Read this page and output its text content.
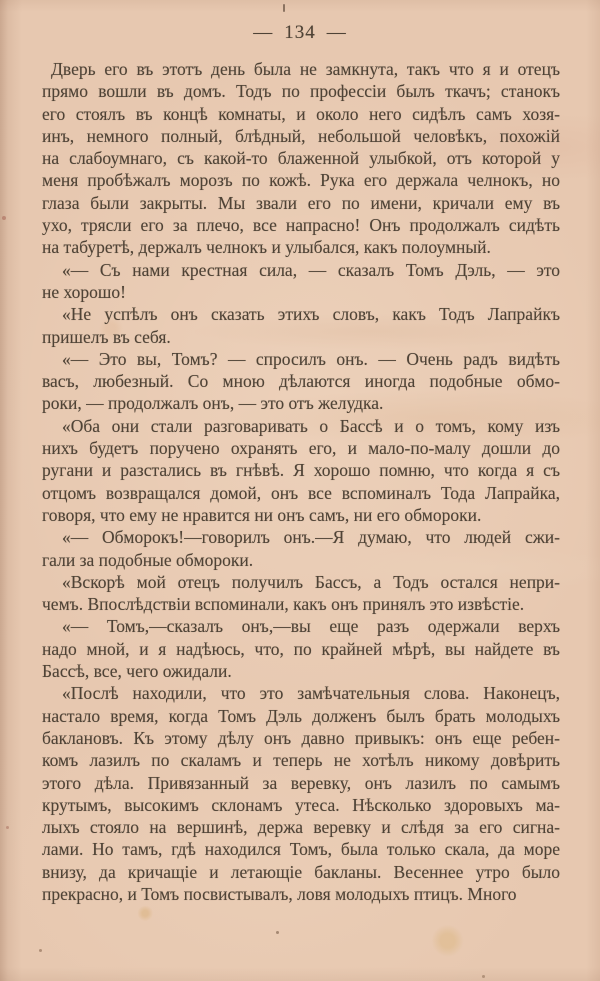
— 134 —

Дверь его въ этотъ день была не замкнута, такъ что я и отецъ
прямо вошли въ домъ. Тодъ по профессіи былъ ткачъ; станокъ
его стоялъ въ концѣ комнаты, и около него сидѣлъ самъ хозя-
инъ, немного полный, блѣдный, небольшой человѣкъ, похожій
на слабоумнаго, съ какой-то блаженной улыбкой, отъ которой у
меня пробѣжалъ морозъ по кожѣ. Рука его держала челнокъ, но
глаза были закрыты. Мы звали его по имени, кричали ему въ
ухо, трясли его за плечо, все напрасно! Онъ продолжалъ сидѣть
на табуретѣ, держалъ челнокъ и улыбался, какъ полоумный.

«— Съ нами крестная сила, — сказалъ Томъ Дэль, — это
не хорошо!

«Не успѣлъ онъ сказать этихъ словъ, какъ Тодъ Лапрайкъ
пришелъ въ себя.

«— Это вы, Томъ? — спросилъ онъ. — Очень радъ видѣть
васъ, любезный. Со мною дѣлаются иногда подобные обмо-
роки, — продолжалъ онъ, — это отъ желудка.

«Оба они стали разговаривать о Бассѣ и о томъ, кому изъ
нихъ будетъ поручено охранять его, и мало-по-малу дошли до
ругани и разстались въ гнѣвѣ. Я хорошо помню, что когда я съ
отцомъ возвращался домой, онъ все вспоминалъ Тода Лапрайка,
говоря, что ему не нравится ни онъ самъ, ни его обмороки.

«— Обморокъ!—говорилъ онъ.—Я думаю, что людей сжи-
гали за подобные обмороки.

«Вскорѣ мой отецъ получилъ Бассъ, а Тодъ остался непри-
чемъ. Впослѣдствіи вспоминали, какъ онъ принялъ это извѣстіе.

«— Томъ,—сказалъ онъ,—вы еще разъ одержали верхъ
надо мной, и я надѣюсь, что, по крайней мѣрѣ, вы найдете въ
Бассѣ, все, чего ожидали.

«Послѣ находили, что это замѣчательныя слова. Наконецъ,
настало время, когда Томъ Дэль долженъ былъ брать молодыхъ
баклановъ. Къ этому дѣлу онъ давно привыкъ: онъ еще ребен-
комъ лазилъ по скаламъ и теперь не хотѣлъ никому довѣрить
этого дѣла. Привязанный за веревку, онъ лазилъ по самымъ
крутымъ, высокимъ склонамъ утеса. Нѣсколько здоровыхъ ма-
лыхъ стояло на вершинѣ, держа веревку и слѣдя за его сигна-
лами. Но тамъ, гдѣ находился Томъ, была только скала, да море
внизу, да кричащіе и летающіе бакланы. Весеннее утро было
прекрасно, и Томъ посвистывалъ, ловя молодыхъ птицъ. Много
